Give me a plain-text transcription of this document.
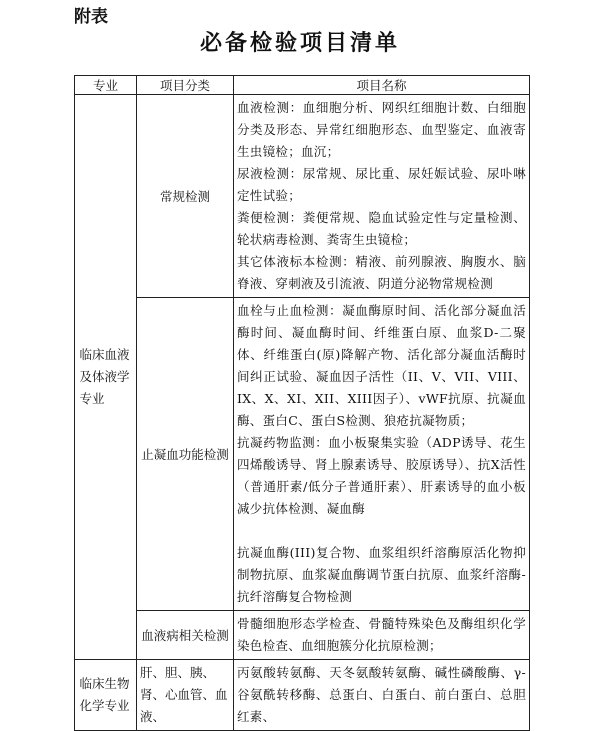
附表
必备检验项目清单
专业	项目分类	项目名称
临床血液及体液学专业	常规检测	血液检测：血细胞分析、网织红细胞计数、白细胞分类及形态、异常红细胞形态、血型鉴定、血液寄生虫镜检；血沉；
尿液检测：尿常规、尿比重、尿妊娠试验、尿卟啉定性试验；
粪便检测：粪便常规、隐血试验定性与定量检测、轮状病毒检测、粪寄生虫镜检；
其它体液标本检测：精液、前列腺液、胸腹水、脑脊液、穿刺液及引流液、阴道分泌物常规检测

	止凝血功能检测	血栓与止血检测：凝血酶原时间、活化部分凝血活酶时间、凝血酶时间、纤维蛋白原、血浆D-二聚体、纤维蛋白(原)降解产物、活化部分凝血活酶时间纠正试验、凝血因子活性（II、V、VII、VIII、IX、X、XI、XII、XIII因子）、vWF抗原、抗凝血酶、蛋白C、蛋白S检测、狼疮抗凝物质；
抗凝药物监测：血小板聚集实验（ADP诱导、花生四烯酸诱导、肾上腺素诱导、胶原诱导）、抗X活性（普通肝素/低分子普通肝素）、肝素诱导的血小板减少抗体检测、凝血酶
抗凝血酶(III)复合物、血浆组织纤溶酶原活化物抑制物抗原、血浆凝血酶调节蛋白抗原、血浆纤溶酶-抗纤溶酶复合物检测

	血液病相关检测	骨髓细胞形态学检查、骨髓特殊染色及酶组织化学染色检查、血细胞簇分化抗原检测；

临床生物化学专业	肝、胆、胰、肾、心血管、血液、	丙氨酸转氨酶、天冬氨酸转氨酶、碱性磷酸酶、γ-谷氨酰转移酶、总蛋白、白蛋白、前白蛋白、总胆红素、
